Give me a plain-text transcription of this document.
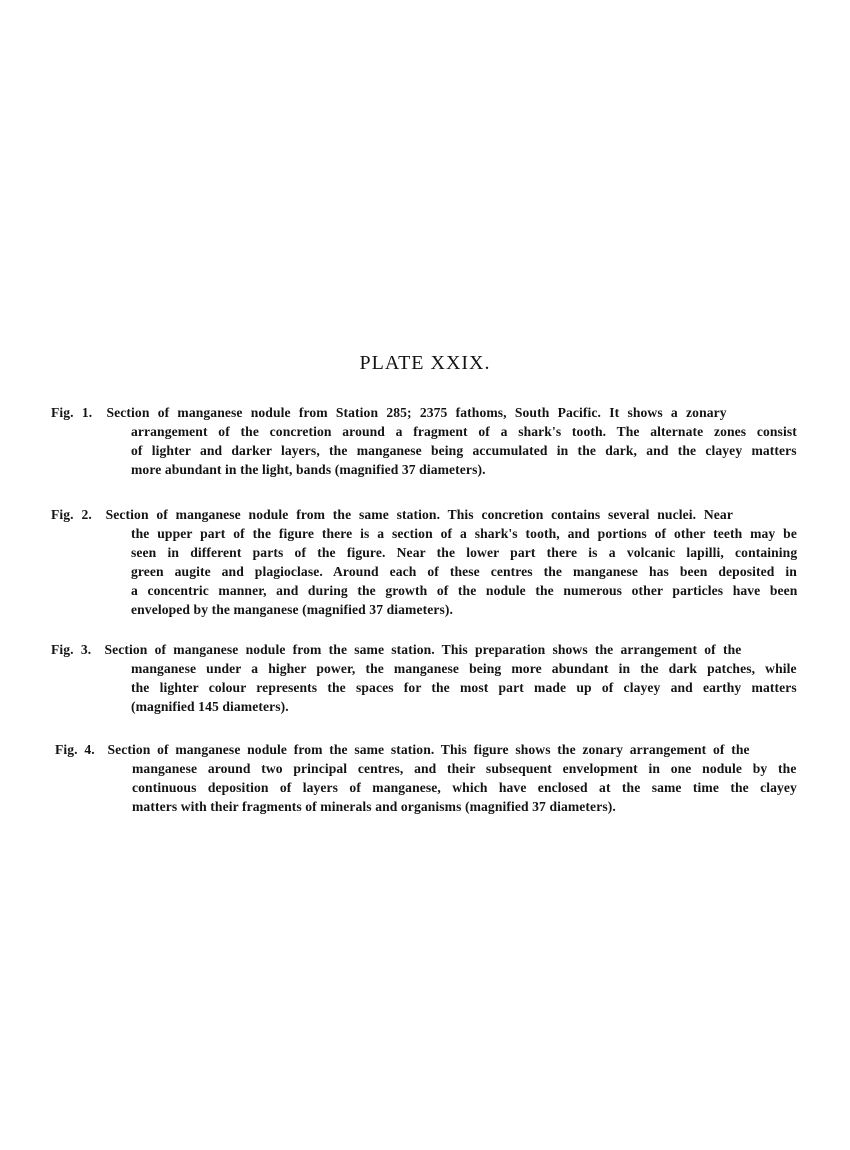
PLATE XXIX.
Fig. 1. Section of manganese nodule from Station 285; 2375 fathoms, South Pacific. It shows a zonary
arrangement of the concretion around a fragment of a shark's tooth. The alternate zones consist
of lighter and darker layers, the manganese being accumulated in the dark, and the clayey matters
more abundant in the light, bands (magnified 37 diameters).
Fig. 2. Section of manganese nodule from the same station. This concretion contains several nuclei. Near
the upper part of the figure there is a section of a shark's tooth, and portions of other teeth may be
seen in different parts of the figure. Near the lower part there is a volcanic lapilli, containing
green augite and plagioclase. Around each of these centres the manganese has been deposited in
a concentric manner, and during the growth of the nodule the numerous other particles have been
enveloped by the manganese (magnified 37 diameters).
Fig. 3. Section of manganese nodule from the same station. This preparation shows the arrangement of the
manganese under a higher power, the manganese being more abundant in the dark patches, while
the lighter colour represents the spaces for the most part made up of clayey and earthy matters
(magnified 145 diameters).
Fig. 4. Section of manganese nodule from the same station. This figure shows the zonary arrangement of the
manganese around two principal centres, and their subsequent envelopment in one nodule by the
continuous deposition of layers of manganese, which have enclosed at the same time the clayey
matters with their fragments of minerals and organisms (magnified 37 diameters).
